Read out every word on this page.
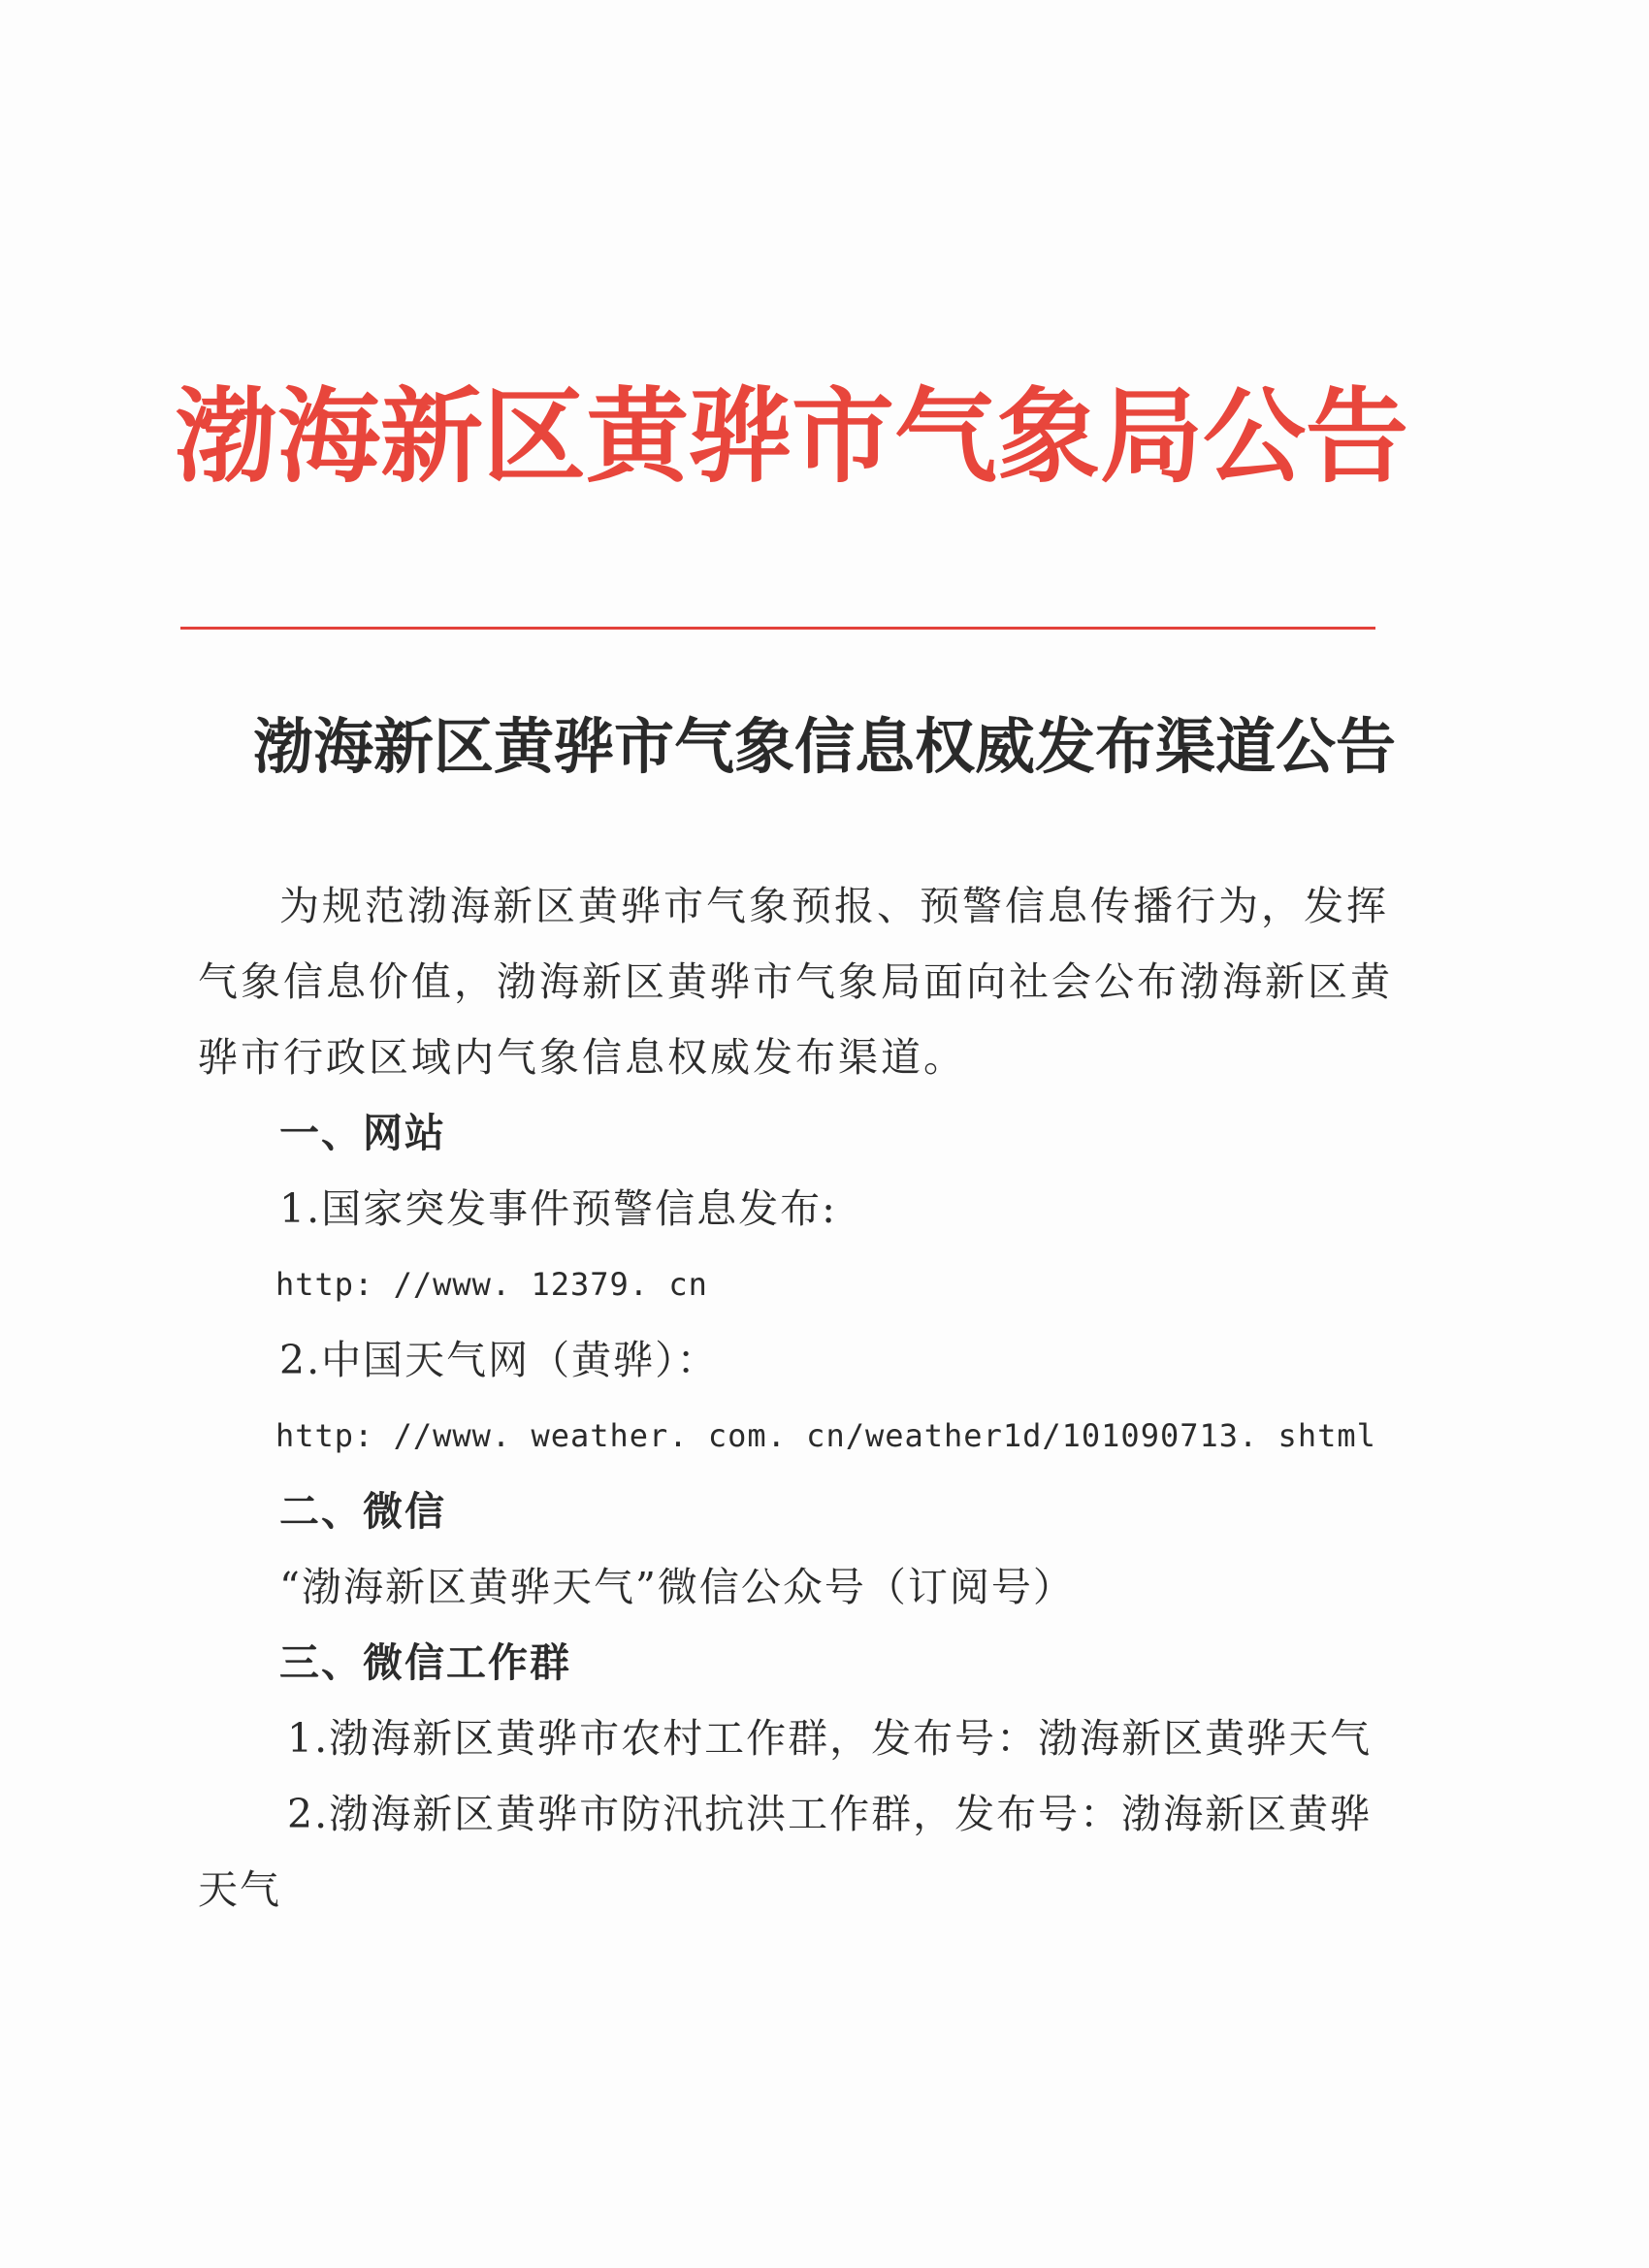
渤海新区黄骅市气象局公告
渤海新区黄骅市气象信息权威发布渠道公告

为规范渤海新区黄骅市气象预报、预警信息传播行为，发挥气象信息价值，渤海新区黄骅市气象局面向社会公布渤海新区黄骅市行政区域内气象信息权威发布渠道。

一、网站

1.国家突发事件预警信息发布:

http: //www. 12379. cn

2.中国天气网（黄骅）：

http: //www. weather. com. cn/weather1d/101090713. shtml

二、微信

“渤海新区黄骅天气”微信公众号（订阅号）

三、微信工作群

1.渤海新区黄骅市农村工作群，发布号：渤海新区黄骅天气

2.渤海新区黄骅市防汛抗洪工作群，发布号：渤海新区黄骅天气
